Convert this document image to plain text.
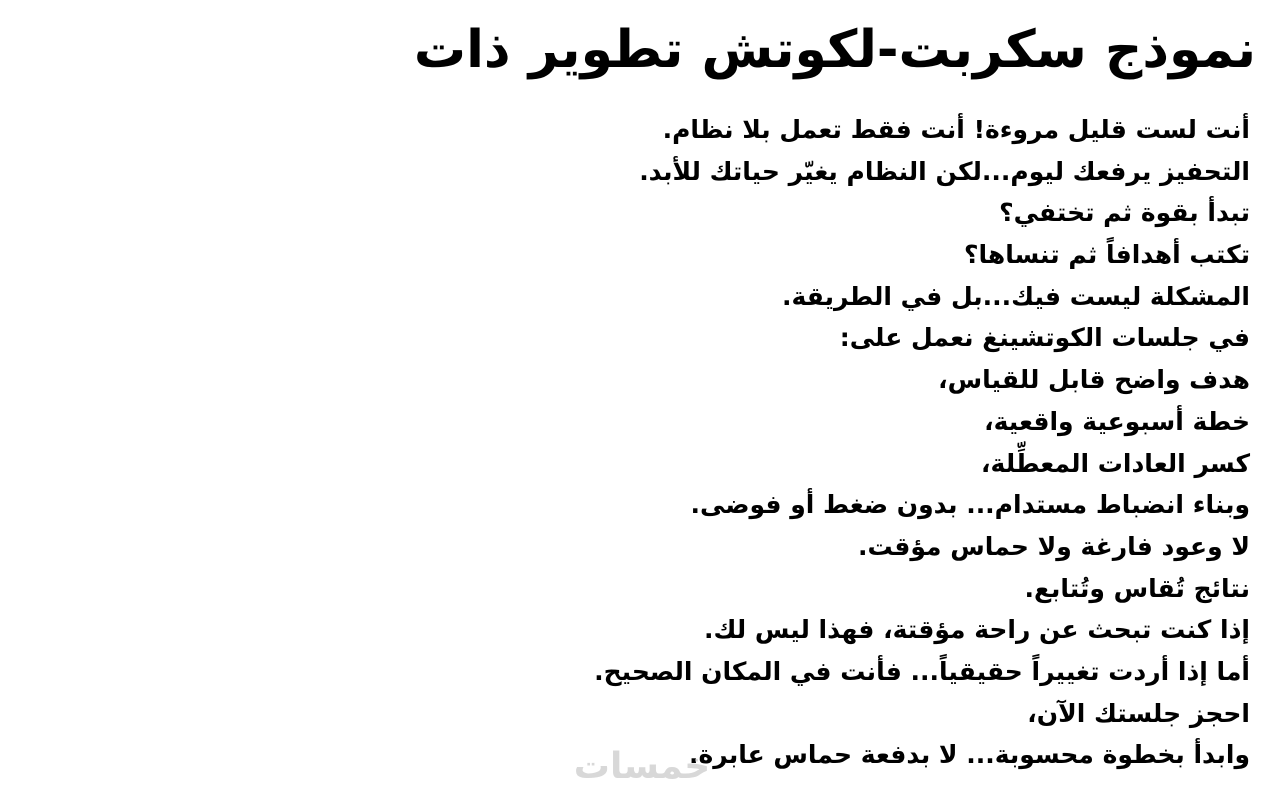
نموذج سكربت-لكوتش تطوير ذات
أنت لست قليل مروءة! أنت فقط تعمل بلا نظام.
التحفيز يرفعك ليوم...لكن النظام يغيّر حياتك للأبد.
تبدأ بقوة ثم تختفي؟
تكتب أهدافاً ثم تنساها؟
المشكلة ليست فيك...بل في الطريقة.
في جلسات الكوتشينغ نعمل على:
هدف واضح قابل للقياس،
خطة أسبوعية واقعية،
كسر العادات المعطِّلة،
وبناء انضباط مستدام... بدون ضغط أو فوضى.
لا وعود فارغة ولا حماس مؤقت.
نتائج تُقاس وتُتابع.
إذا كنت تبحث عن راحة مؤقتة، فهذا ليس لك.
أما إذا أردت تغييراً حقيقياً... فأنت في المكان الصحيح.
احجز جلستك الآن،
وابدأ بخطوة محسوبة... لا بدفعة حماس عابرة.
خمسات
